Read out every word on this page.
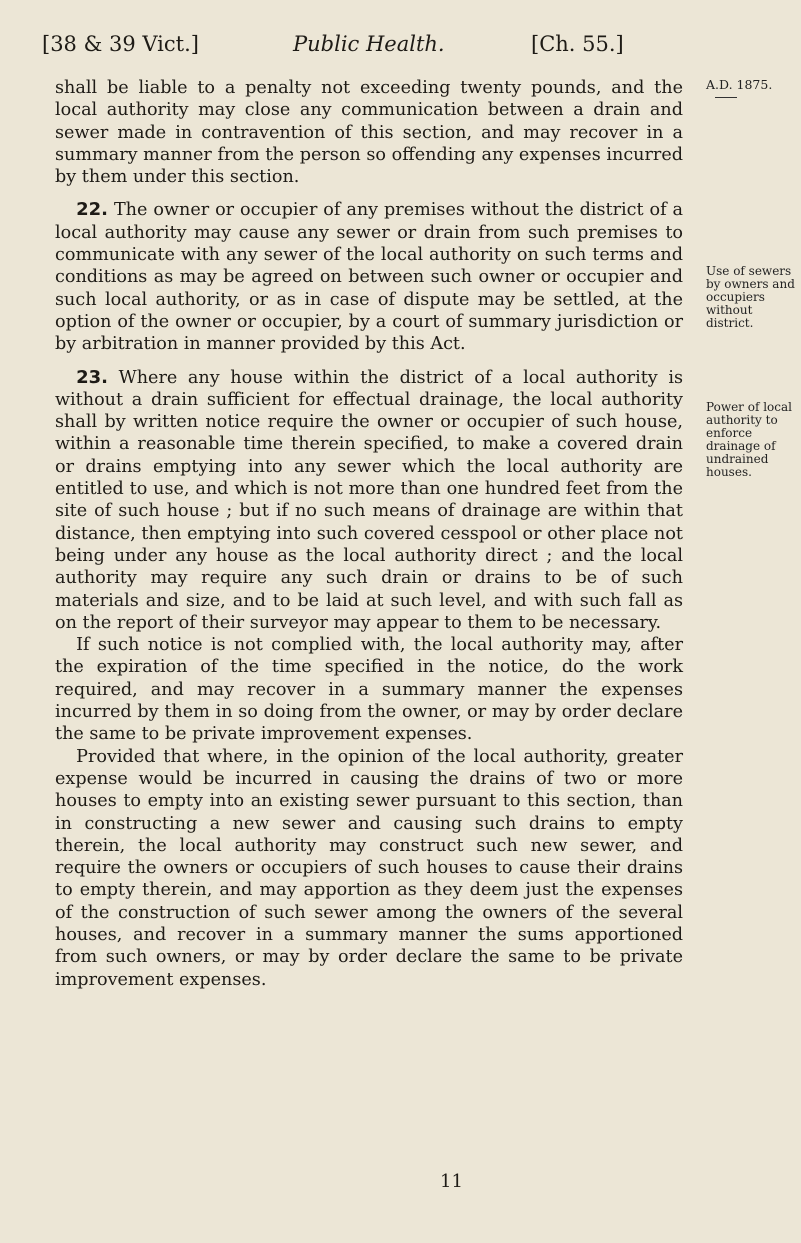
[38 & 39 Vict.]	Public Health.	[Ch. 55.]
A.D. 1875.

shall be liable to a penalty not exceeding twenty pounds, and the local authority may close any communication between a drain and sewer made in contravention of this section, and may recover in a summary manner from the person so offending any expenses incurred by them under this section.

22. The owner or occupier of any premises without the district of a local authority may cause any sewer or drain from such premises to communicate with any sewer of the local authority on such terms and conditions as may be agreed on between such owner or occupier and such local authority, or as in case of dispute may be settled, at the option of the owner or occupier, by a court of summary jurisdiction or by arbitration in manner provided by this Act.

23. Where any house within the district of a local authority is without a drain sufficient for effectual drainage, the local authority shall by written notice require the owner or occupier of such house, within a reasonable time therein specified, to make a covered drain or drains emptying into any sewer which the local authority are entitled to use, and which is not more than one hundred feet from the site of such house ; but if no such means of drainage are within that distance, then emptying into such covered cesspool or other place not being under any house as the local authority direct ; and the local authority may require any such drain or drains to be of such materials and size, and to be laid at such level, and with such fall as on the report of their surveyor may appear to them to be necessary.

If such notice is not complied with, the local authority may, after the expiration of the time specified in the notice, do the work required, and may recover in a summary manner the expenses incurred by them in so doing from the owner, or may by order declare the same to be private improvement expenses.

Provided that where, in the opinion of the local authority, greater expense would be incurred in causing the drains of two or more houses to empty into an existing sewer pursuant to this section, than in constructing a new sewer and causing such drains to empty therein, the local authority may construct such new sewer, and require the owners or occupiers of such houses to cause their drains to empty therein, and may apportion as they deem just the expenses of the construction of such sewer among the owners of the several houses, and recover in a summary manner the sums apportioned from such owners, or may by order declare the same to be private improvement expenses.

Use of sewers by owners and occupiers without district.
Power of local authority to enforce drainage of undrained houses.
11
